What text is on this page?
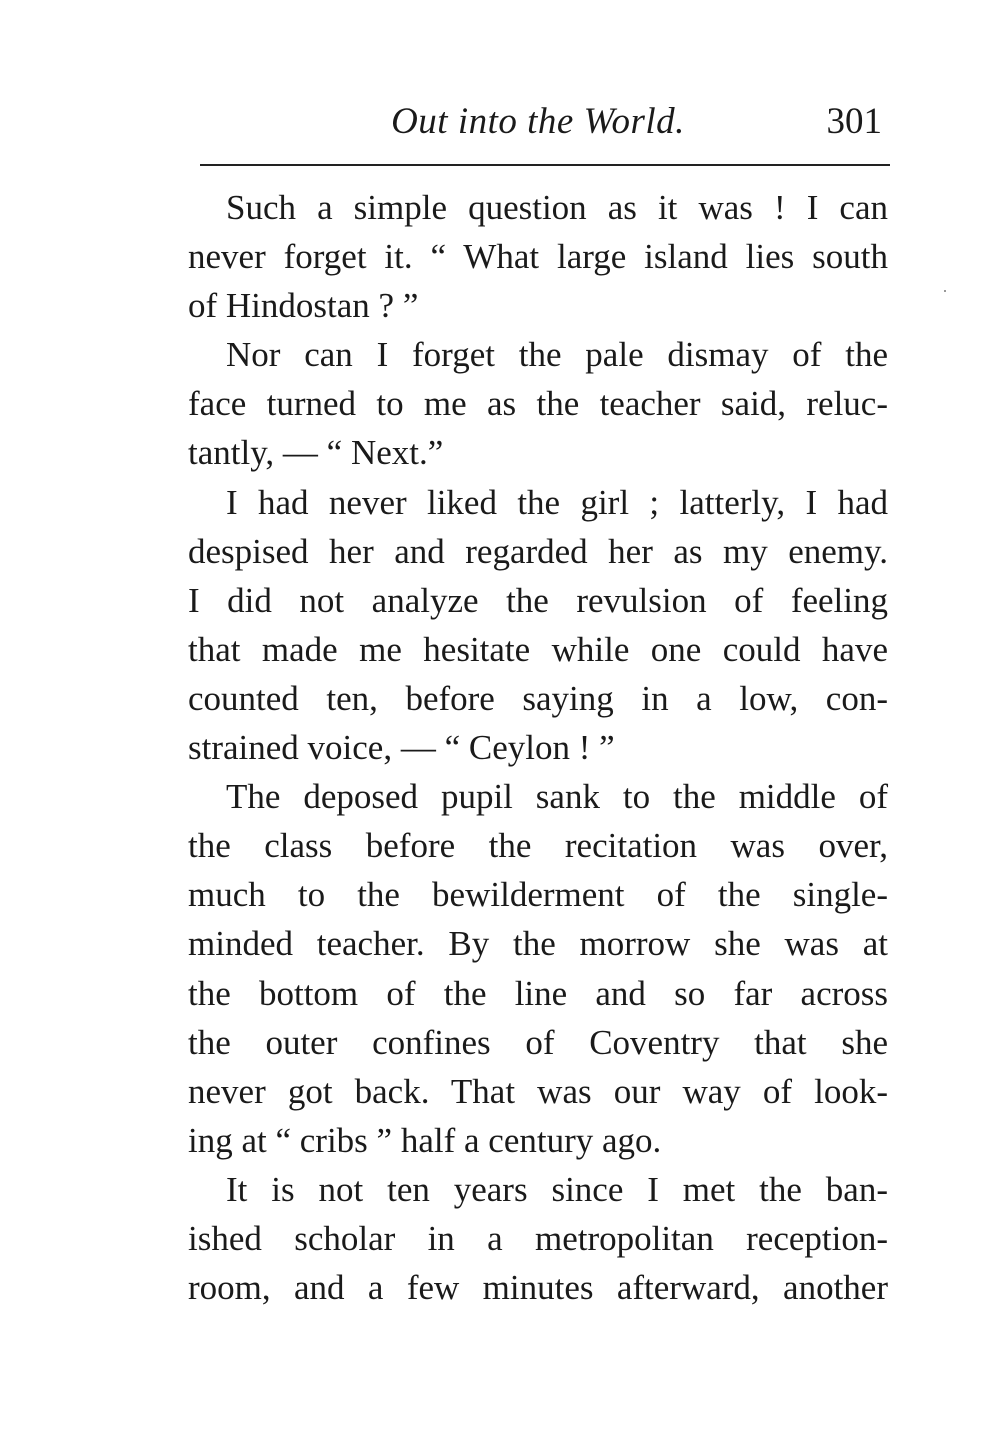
Out into the World.	301

Such a simple question as it was ! I can
never forget it. “ What large island lies south
of Hindostan ? ”

Nor can I forget the pale dismay of the
face turned to me as the teacher said, reluc-
tantly, — “ Next.”

I had never liked the girl ; latterly, I had
despised her and regarded her as my enemy.
I did not analyze the revulsion of feeling
that made me hesitate while one could have
counted ten, before saying in a low, con-
strained voice, — “ Ceylon ! ”

The deposed pupil sank to the middle of
the class before the recitation was over,
much to the bewilderment of the single-
minded teacher. By the morrow she was at
the bottom of the line and so far across
the outer confines of Coventry that she
never got back. That was our way of look-
ing at “ cribs ” half a century ago.

It is not ten years since I met the ban-
ished scholar in a metropolitan reception-
room, and a few minutes afterward, another
